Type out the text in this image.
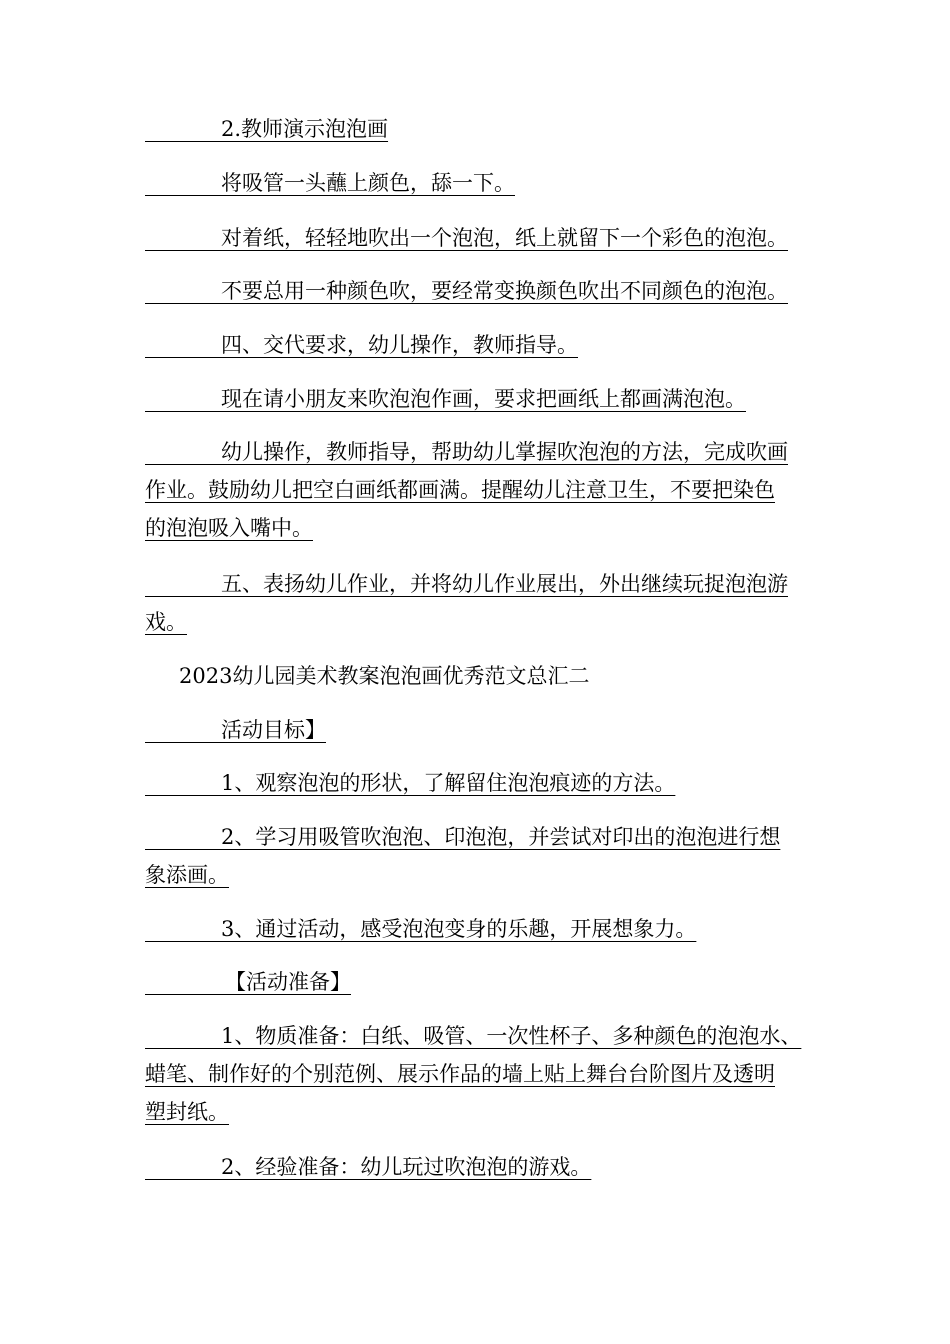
2.教师演示泡泡画

将吸管一头蘸上颜色，舔一下。

对着纸，轻轻地吹出一个泡泡，纸上就留下一个彩色的泡泡。

不要总用一种颜色吹，要经常变换颜色吹出不同颜色的泡泡。

四、交代要求，幼儿操作，教师指导。

现在请小朋友来吹泡泡作画，要求把画纸上都画满泡泡。

幼儿操作，教师指导，帮助幼儿掌握吹泡泡的方法，完成吹画
作业。鼓励幼儿把空白画纸都画满。提醒幼儿注意卫生，不要把染色
的泡泡吸入嘴中。

五、表扬幼儿作业，并将幼儿作业展出，外出继续玩捉泡泡游
戏。

2023幼儿园美术教案泡泡画优秀范文总汇二

活动目标】

1、观察泡泡的形状，了解留住泡泡痕迹的方法。

2、学习用吸管吹泡泡、印泡泡，并尝试对印出的泡泡进行想
象添画。

3、通过活动，感受泡泡变身的乐趣，开展想象力。

【活动准备】

1、物质准备：白纸、吸管、一次性杯子、多种颜色的泡泡水、
蜡笔、制作好的个别范例、展示作品的墙上贴上舞台台阶图片及透明
塑封纸。

2、经验准备：幼儿玩过吹泡泡的游戏。
